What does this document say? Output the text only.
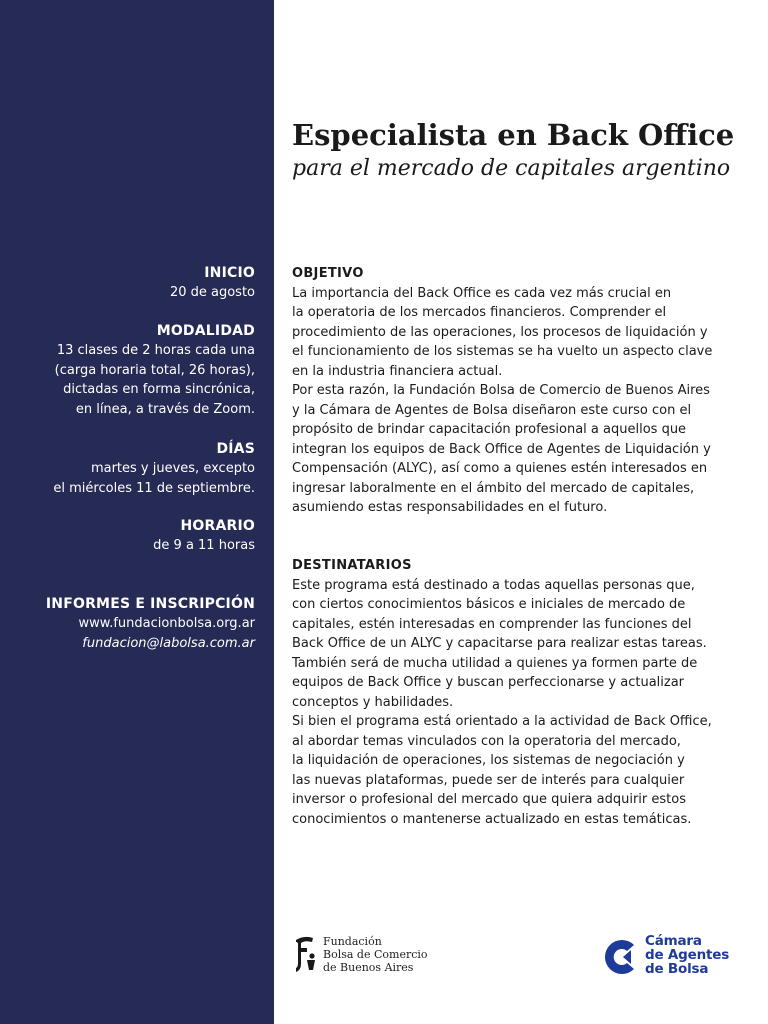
INICIO
20 de agosto
MODALIDAD
13 clases de 2 horas cada una
(carga horaria total, 26 horas),
dictadas en forma sincrónica,
en línea, a través de Zoom.
DÍAS
martes y jueves, excepto
el miércoles 11 de septiembre.
HORARIO
de 9 a 11 horas
INFORMES E INSCRIPCIÓN
www.fundacionbolsa.org.ar
fundacion@labolsa.com.ar
Especialista en Back Office
para el mercado de capitales argentino
OBJETIVO
La importancia del Back Office es cada vez más crucial en
la operatoria de los mercados financieros. Comprender el
procedimiento de las operaciones, los procesos de liquidación y
el funcionamiento de los sistemas se ha vuelto un aspecto clave
en la industria financiera actual.
Por esta razón, la Fundación Bolsa de Comercio de Buenos Aires
y la Cámara de Agentes de Bolsa diseñaron este curso con el
propósito de brindar capacitación profesional a aquellos que
integran los equipos de Back Office de Agentes de Liquidación y
Compensación (ALYC), así como a quienes estén interesados en
ingresar laboralmente en el ámbito del mercado de capitales,
asumiendo estas responsabilidades en el futuro.
DESTINATARIOS
Este programa está destinado a todas aquellas personas que,
con ciertos conocimientos básicos e iniciales de mercado de
capitales, estén interesadas en comprender las funciones del
Back Office de un ALYC y capacitarse para realizar estas tareas.
También será de mucha utilidad a quienes ya formen parte de
equipos de Back Office y buscan perfeccionarse y actualizar
conceptos y habilidades.
Si bien el programa está orientado a la actividad de Back Office,
al abordar temas vinculados con la operatoria del mercado,
la liquidación de operaciones, los sistemas de negociación y
las nuevas plataformas, puede ser de interés para cualquier
inversor o profesional del mercado que quiera adquirir estos
conocimientos o mantenerse actualizado en estas temáticas.
Fundación
Bolsa de Comercio
de Buenos Aires
Cámara
de Agentes
de Bolsa
